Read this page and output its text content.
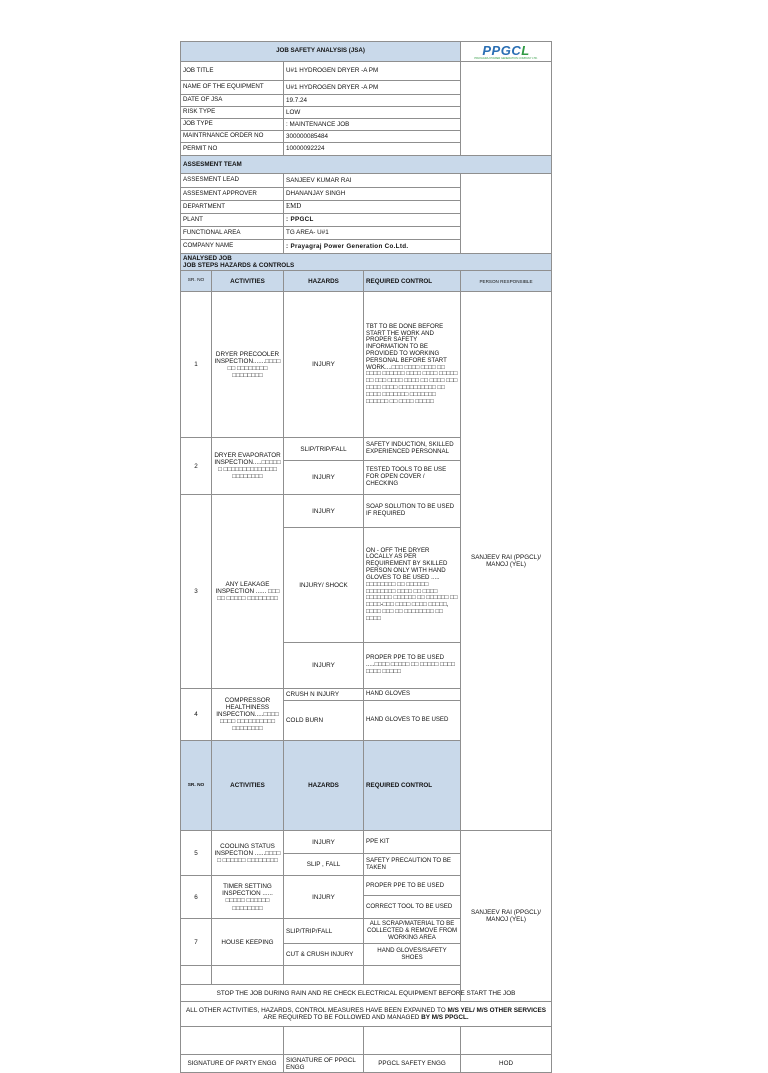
JOB SAFETY ANALYSIS (JSA)				PPGCL
PRAYAGRAJ POWER GENERATION COMPANY LTD.	

JOB TITLE		U#1 HYDROGEN DRYER -A PM			
NAME OF THE EQUIPMENT		U#1 HYDROGEN DRYER -A PM			
DATE OF JSA		19.7.24			
RISK TYPE		LOW			
JOB TYPE		: MAINTENANCE JOB			
MAINTRNANCE ORDER NO		300000085484			
PERMIT NO		10000092224			
ASSESMENT TEAM					
ASSESMENT LEAD		SANJEEV KUMAR RAI			
ASSESMENT APPROVER		DHANANJAY SINGH			
DEPARTMENT		EMD			
PLANT		: PPGCL			
FUNCTIONAL AREA		TG AREA- U#1			
COMPANY NAME		: Prayagraj Power Generation Co.Ltd.			
ANALYSED JOB
JOB STEPS HAZARDS & CONTROLS					
SR. NO	ACTIVITIES	HAZARDS	REQUIRED CONTROL	PERSON RESPONSIBLE	
1	DRYER PRECOOLER INSPECTION.......□□□□ □□ □□□□□□□□ □□□□□□□□	INJURY	TBT TO BE DONE BEFORE START THE WORK AND PROPER SAFETY INFORMATION TO BE PROVIDED TO WORKING PERSONAL BEFORE START WORK....□□□ □□□□ □□□□ □□ □□□□ □□□□□□ □□□□ □□□□ □□□□□ □□ □□□ □□□□ □□□□ □□ □□□□ □□□ □□□□ □□□□ □□□□□□□□□□ □□ □□□□ □□□□□□□ □□□□□□□ □□□□□□ □□ □□□□ □□□□□	SANJEEV RAI (PPGCL)/ MANOJ (YEL)	
2	DRYER EVAPORATOR INSPECTION.....□□□□□ □ □□□□□□□□□□□□□□ □□□□□□□□	SLIP/TRIP/FALL	SAFETY INDUCTION, SKILLED EXPERIENCED PERSONNAL		
		INJURY	TESTED TOOLS TO BE USE FOR OPEN COVER / CHECKING		
3	ANY LEAKAGE INSPECTION ...... □□□ □□ □□□□□ □□□□□□□□	INJURY	SOAP SOLUTION TO BE USED IF REQUIRED		
		INJURY/ SHOCK	ON - OFF THE DRYER LOCALLY AS PER REQUIREMENT BY SKILLED PERSON ONLY WITH HAND GLOVES TO BE USED ..... □□□□□□□□ □□ □□□□□□ □□□□□□□□ □□□□ □□ □□□□ □□□□□□□ □□□□□□ □□ □□□□□□ □□ □□□□-□□□ □□□□ □□□□ □□□□□, □□□□ □□□ □□ □□□□□□□□ □□ □□□□		
		INJURY	PROPER PPE TO BE USED .....□□□□ □□□□□ □□ □□□□□ □□□□ □□□□ □□□□□		
4	COMPRESSOR HEALTHINESS INSPECTION.....□□□□ □□□□ □□□□□□□□□□ □□□□□□□□	CRUSH N INJURY	HAND GLOVES		
		COLD BURN	HAND GLOVES TO BE USED		
SR. NO	ACTIVITIES	HAZARDS	REQUIRED CONTROL	
5	COOLING STATUS INSPECTION ......□□□□ □ □□□□□□ □□□□□□□□	INJURY	PPE KIT	SANJEEV RAI (PPGCL)/ MANOJ (YEL)	
		SLIP , FALL	SAFETY PRECAUTION TO BE TAKEN		
6	TIMER SETTING INSPECTION ...... □□□□□ □□□□□□ □□□□□□□□	INJURY	PROPER PPE TO BE USED		
			CORRECT TOOL TO BE USED		
7	HOUSE KEEPING	SLIP/TRIP/FALL	ALL SCRAP/MATERIAL TO BE COLLECTED & REMOVE FROM WORKING AREA		
		CUT & CRUSH INJURY	HAND GLOVES/SAFETY SHOES		

STOP THE JOB DURING RAIN AND RE CHECK ELECTRICAL EQUIPMENT BEFORE START THE JOB					
ALL OTHER ACTIVITIES, HAZARDS, CONTROL MEASURES HAVE BEEN EXPAINED TO M/S YEL/ M/S OTHER SERVICES ARE REQUIRED TO BE FOLLOWED AND MANAGED BY M/S PPGCL.					

SIGNATURE OF PARTY ENGG		SIGNATURE OF PPGCL ENGG	PPGCL SAFETY ENGG	HOD	
